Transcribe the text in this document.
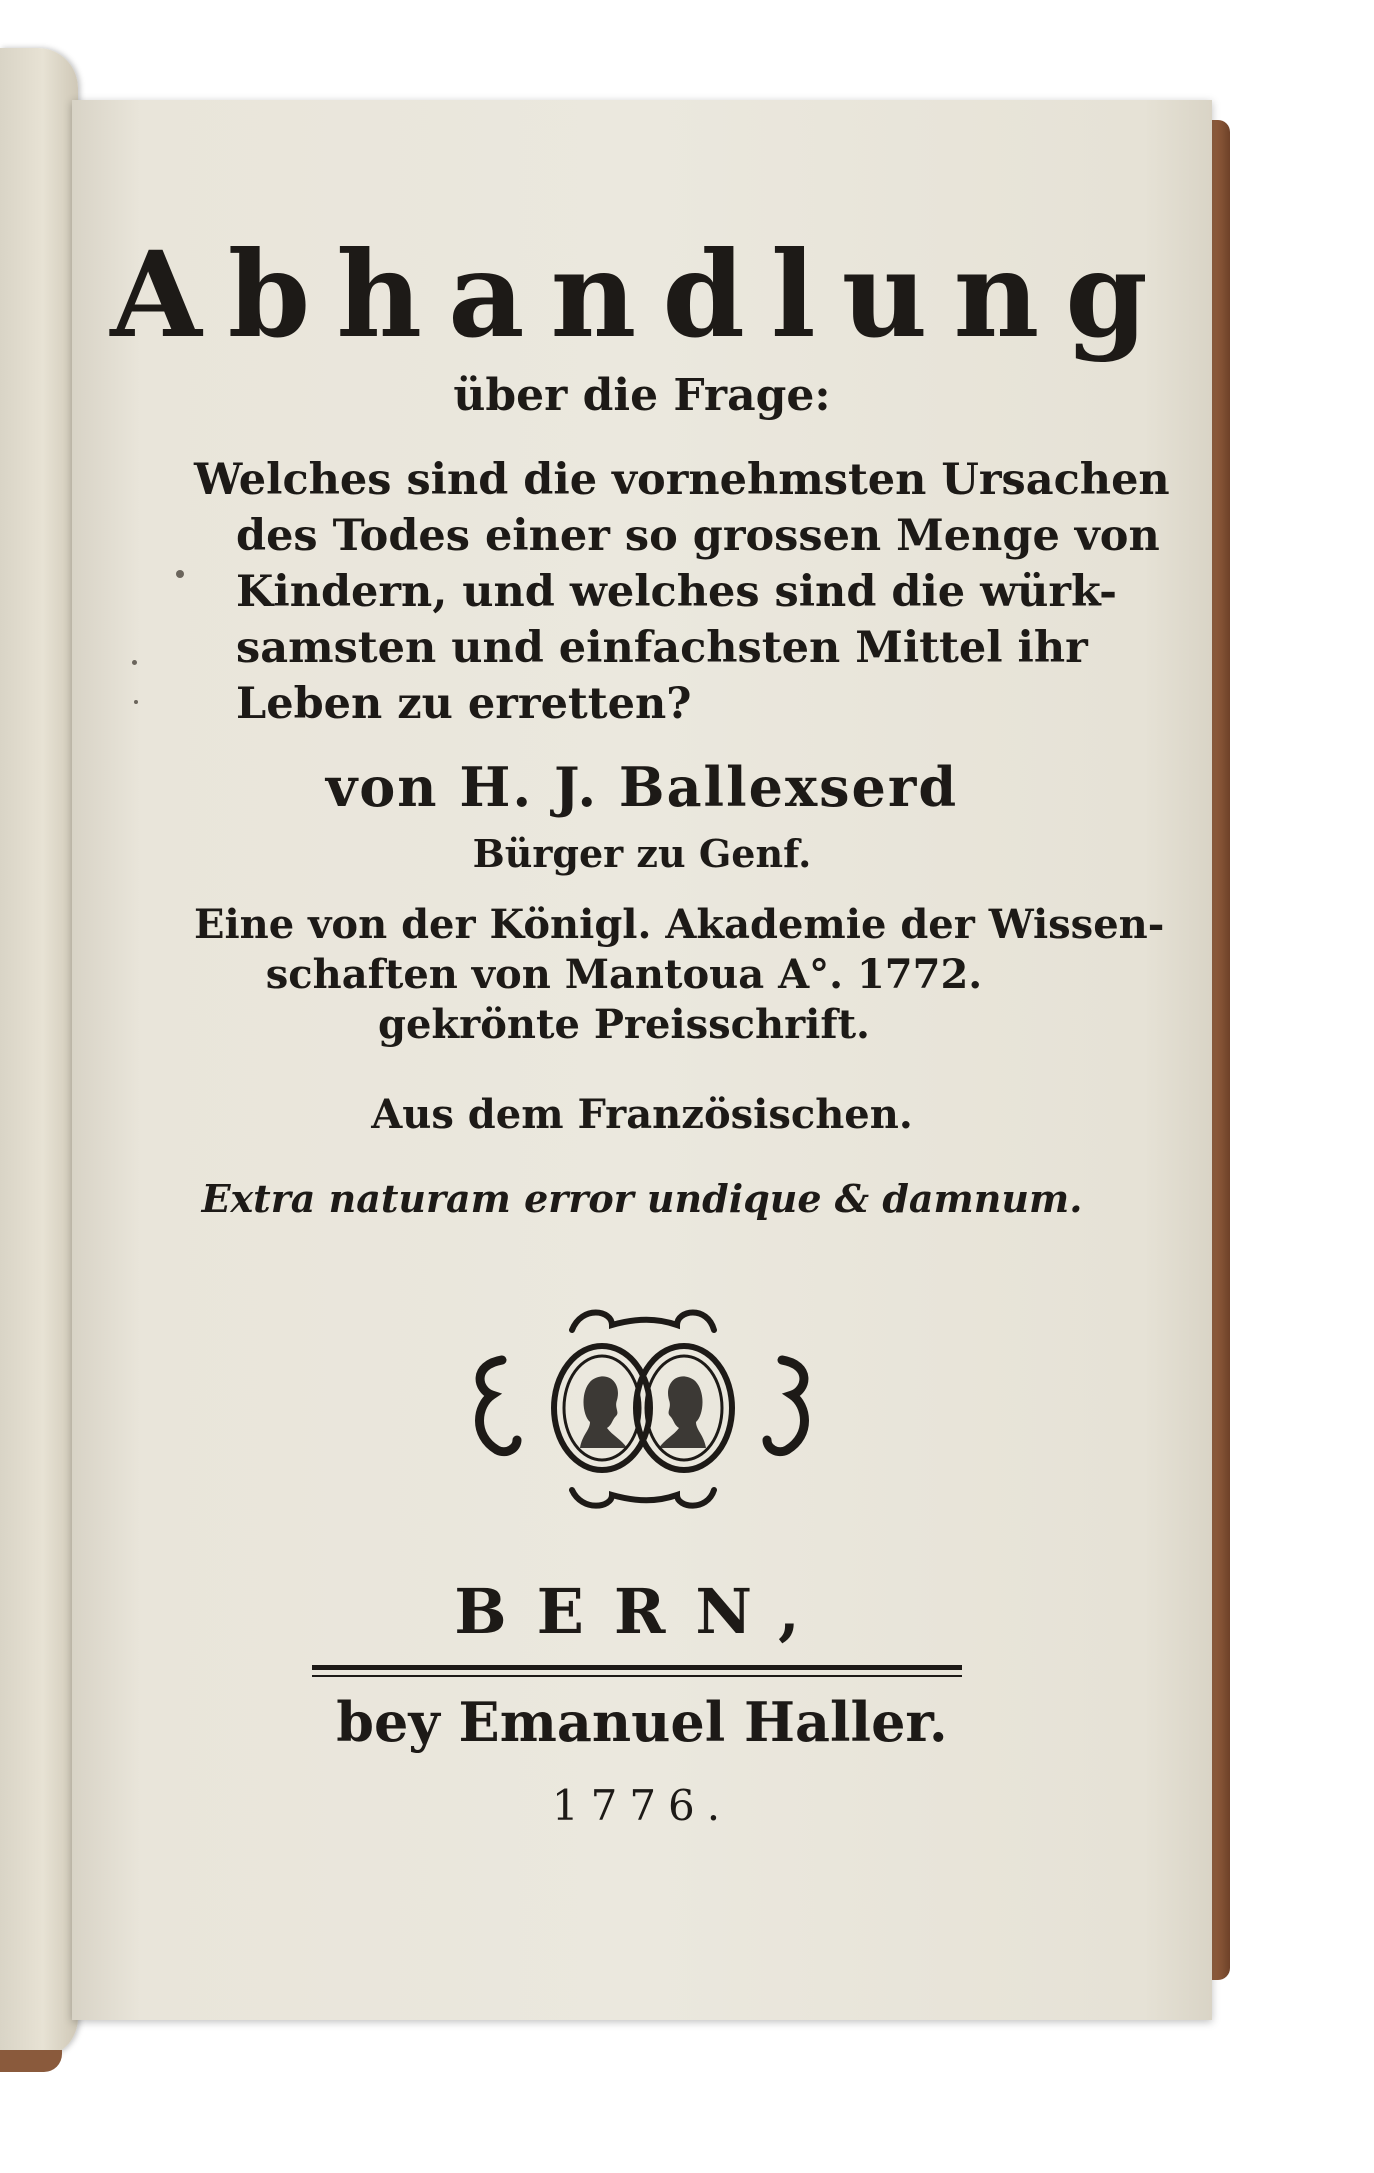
Abhandlung
über die Frage:
Welches sind die vornehmsten Ursachen
des Todes einer so grossen Menge von
Kindern, und welches sind die würk-
samsten und einfachsten Mittel ihr
Leben zu erretten?
von H. J. Ballexserd
Bürger zu Genf.
Eine von der Königl. Akademie der Wissen-
schaften von Mantoua A°. 1772.
gekrönte Preisschrift.
Aus dem Französischen.
Extra naturam error undique & damnum.
BERN,
bey Emanuel Haller.
1776.
